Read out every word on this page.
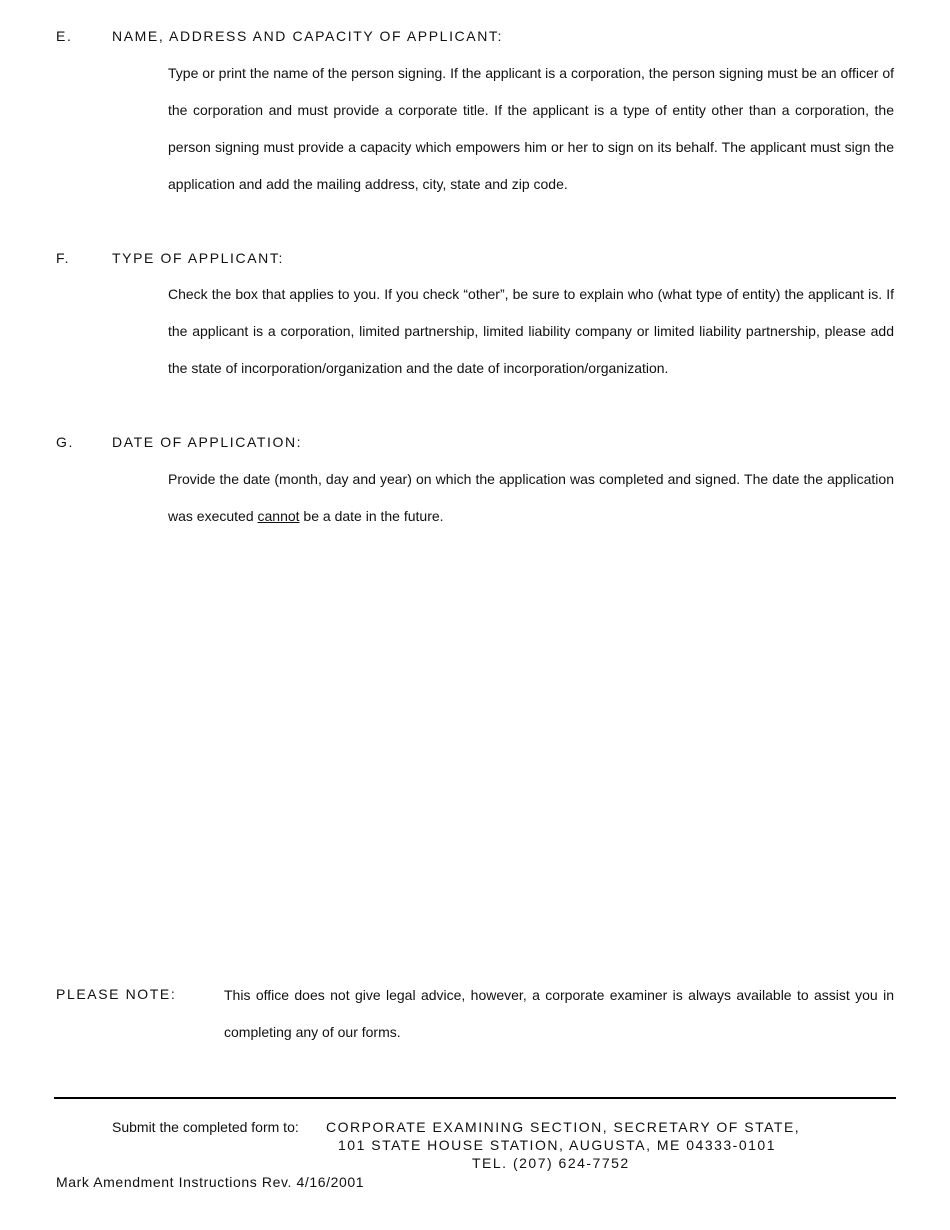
E.	NAME, ADDRESS AND CAPACITY OF APPLICANT:
Type or print the name of the person signing. If the applicant is a corporation, the person signing must be an officer of the corporation and must provide a corporate title. If the applicant is a type of entity other than a corporation, the person signing must provide a capacity which empowers him or her to sign on its behalf. The applicant must sign the application and add the mailing address, city, state and zip code.
F.	TYPE OF APPLICANT:
Check the box that applies to you. If you check “other”, be sure to explain who (what type of entity) the applicant is. If the applicant is a corporation, limited partnership, limited liability company or limited liability partnership, please add the state of incorporation/organization and the date of incorporation/organization.
G.	DATE OF APPLICATION:
Provide the date (month, day and year) on which the application was completed and signed. The date the application was executed cannot be a date in the future.
PLEASE NOTE:	This office does not give legal advice, however, a corporate examiner is always available to assist you in completing any of our forms.
Submit the completed form to: CORPORATE EXAMINING SECTION, SECRETARY OF STATE,
101 STATE HOUSE STATION, AUGUSTA, ME 04333-0101
TEL. (207) 624-7752
Mark Amendment Instructions Rev. 4/16/2001
